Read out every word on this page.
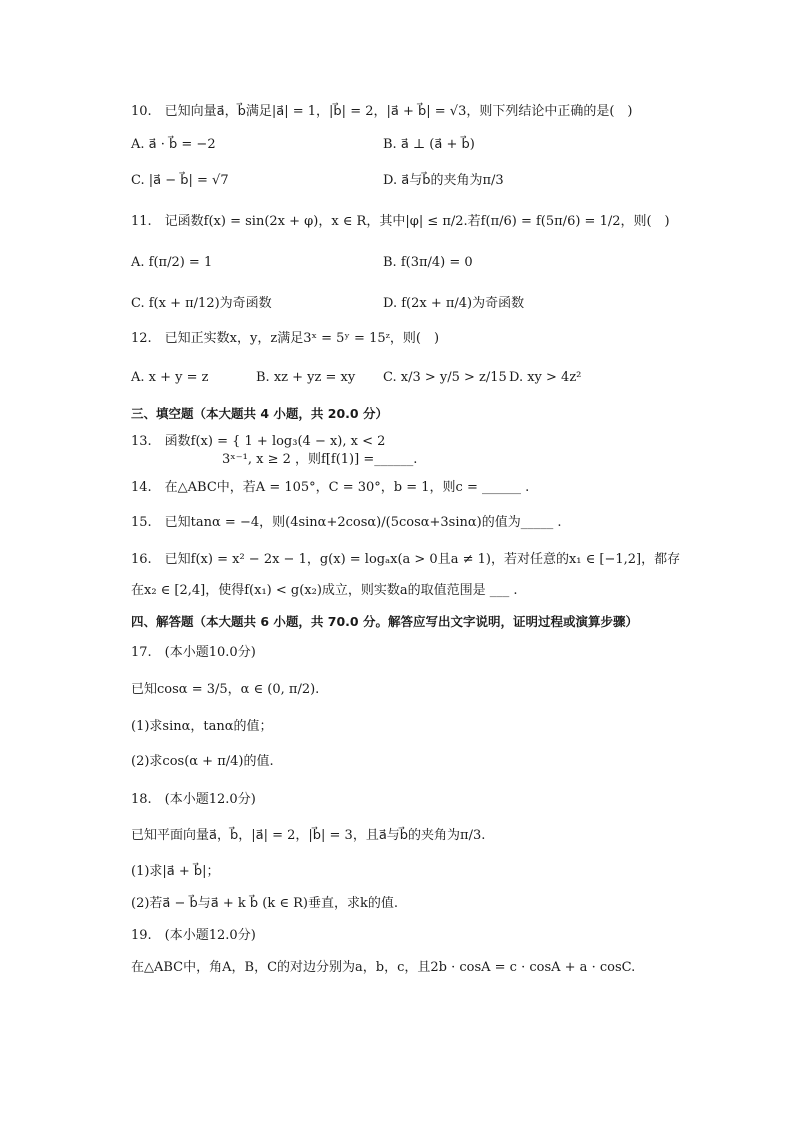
10.　已知向量a⃗，b⃗满足|a⃗| = 1，|b⃗| = 2，|a⃗ + b⃗| = √3，则下列结论中正确的是(　)
A. a⃗ · b⃗ = −2	B. a⃗ ⊥ (a⃗ + b⃗)
C. |a⃗ − b⃗| = √7	D. a⃗与b⃗的夹角为π/3
11.　记函数f(x) = sin(2x + φ)，x ∈ R，其中|φ| ≤ π/2.若f(π/6) = f(5π/6) = 1/2，则(　)
A. f(π/2) = 1	B. f(3π/4) = 0
C. f(x + π/12)为奇函数	D. f(2x + π/4)为奇函数
12.　已知正实数x，y，z满足3ˣ = 5ʸ = 15ᶻ，则(　)
A. x + y = z	B. xz + yz = xy C. x/3 > y/5 > z/15 D. xy > 4z²
三、填空题（本大题共 4 小题，共 20.0 分）
13.　函数f(x) = { 1 + log₃(4 − x), x < 2
3ˣ⁻¹, x ≥ 2 ，则f[f(1)] =______.
14.　在△ABC中，若A = 105°，C = 30°，b = 1，则c = ______ .
15.　已知tanα = −4，则(4sinα+2cosα)/(5cosα+3sinα)的值为_____ .
16.　已知f(x) = x² − 2x − 1，g(x) = logₐx(a > 0且a ≠ 1)，若对任意的x₁ ∈ [−1,2]，都存
在x₂ ∈ [2,4]，使得f(x₁) < g(x₂)成立，则实数a的取值范围是 ___ .
四、解答题（本大题共 6 小题，共 70.0 分。解答应写出文字说明，证明过程或演算步骤）
17.　(本小题10.0分)
已知cosα = 3/5，α ∈ (0, π/2).
(1)求sinα，tanα的值；
(2)求cos(α + π/4)的值.
18.　(本小题12.0分)
已知平面向量a⃗，b⃗，|a⃗| = 2，|b⃗| = 3，且a⃗与b⃗的夹角为π/3.
(1)求|a⃗ + b⃗|；
(2)若a⃗ − b⃗与a⃗ + k b⃗ (k ∈ R)垂直，求k的值.
19.　(本小题12.0分)
在△ABC中，角A，B，C的对边分别为a，b，c，且2b · cosA = c · cosA + a · cosC.
